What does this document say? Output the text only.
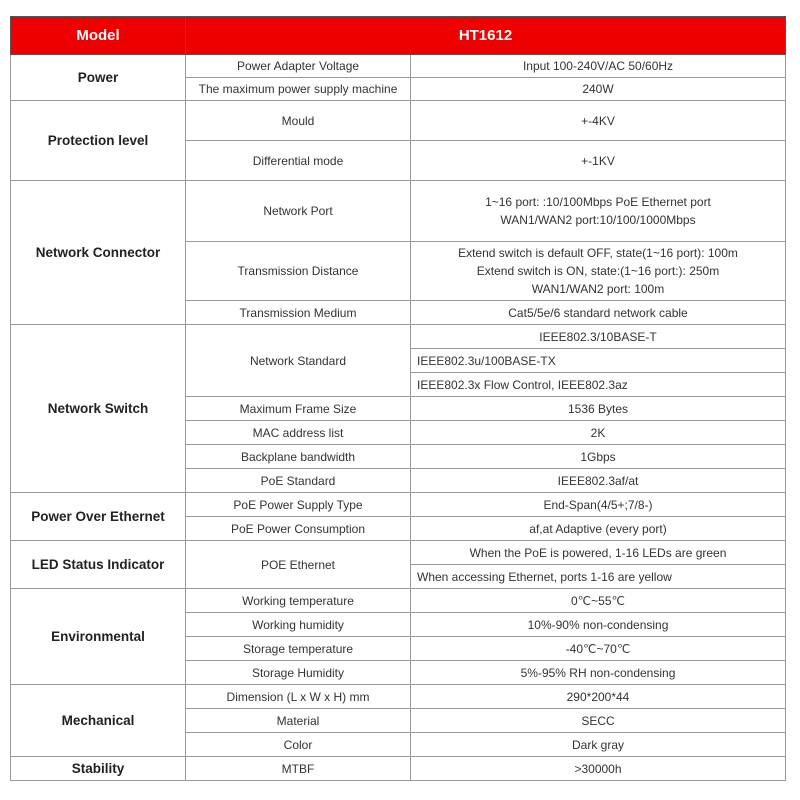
Model	HT1612	
Power	Power Adapter Voltage	Input 100-240V/AC 50/60Hz
	The maximum power supply machine	240W
Protection level	Mould	+-4KV
	Differential mode	+-1KV
Network Connector	Network Port	1~16 port: :10/100Mbps PoE Ethernet port
WAN1/WAN2 port:10/100/1000Mbps

	Transmission Distance	Extend switch is default OFF, state(1~16 port): 100m
Extend switch is ON, state:(1~16 port:): 250m
WAN1/WAN2 port: 100m

	Transmission Medium	Cat5/5e/6 standard network cable
Network Switch	Network Standard	IEEE802.3/10BASE-T
		IEEE802.3u/100BASE-TX
		IEEE802.3x Flow Control, IEEE802.3az
	Maximum Frame Size	1536 Bytes
	MAC address list	2K
	Backplane bandwidth	1Gbps
	PoE Standard	IEEE802.3af/at
Power Over Ethernet	PoE Power Supply Type	End-Span(4/5+;7/8-)
	PoE Power Consumption	af,at Adaptive (every port)
LED Status Indicator	POE Ethernet	When the PoE is powered, 1-16 LEDs are green
		When accessing Ethernet, ports 1-16 are yellow
Environmental	Working temperature	0℃~55℃
	Working humidity	10%-90% non-condensing
	Storage temperature	-40℃~70℃
	Storage Humidity	5%-95% RH non-condensing
Mechanical	Dimension (L x W x H) mm	290*200*44
	Material	SECC
	Color	Dark gray
Stability	MTBF	>30000h
